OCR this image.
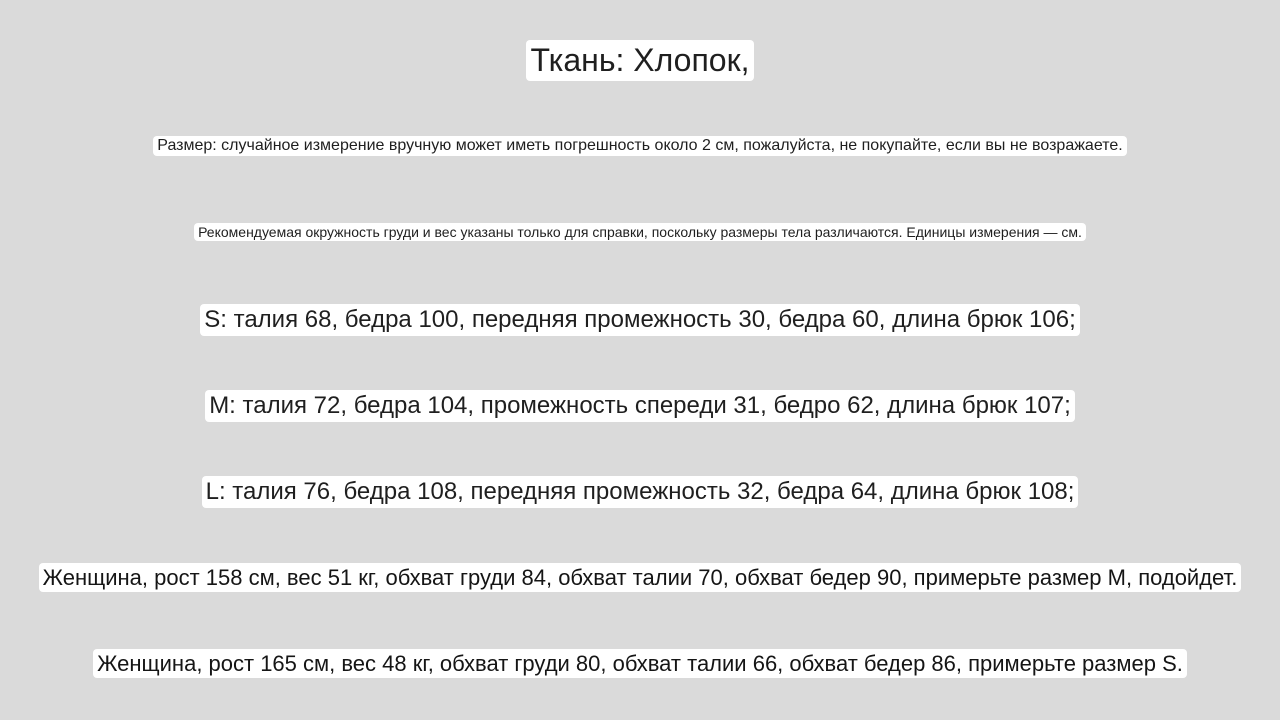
Ткань: Хлопок,
Размер: случайное измерение вручную может иметь погрешность около 2 см, пожалуйста, не покупайте, если вы не возражаете.
Рекомендуемая окружность груди и вес указаны только для справки, поскольку размеры тела различаются. Единицы измерения — см.
S: талия 68, бедра 100, передняя промежность 30, бедра 60, длина брюк 106;
M: талия 72, бедра 104, промежность спереди 31, бедро 62, длина брюк 107;
L: талия 76, бедра 108, передняя промежность 32, бедра 64, длина брюк 108;
Женщина, рост 158 см, вес 51 кг, обхват груди 84, обхват талии 70, обхват бедер 90, примерьте размер M, подойдет.
Женщина, рост 165 см, вес 48 кг, обхват груди 80, обхват талии 66, обхват бедер 86, примерьте размер S.
